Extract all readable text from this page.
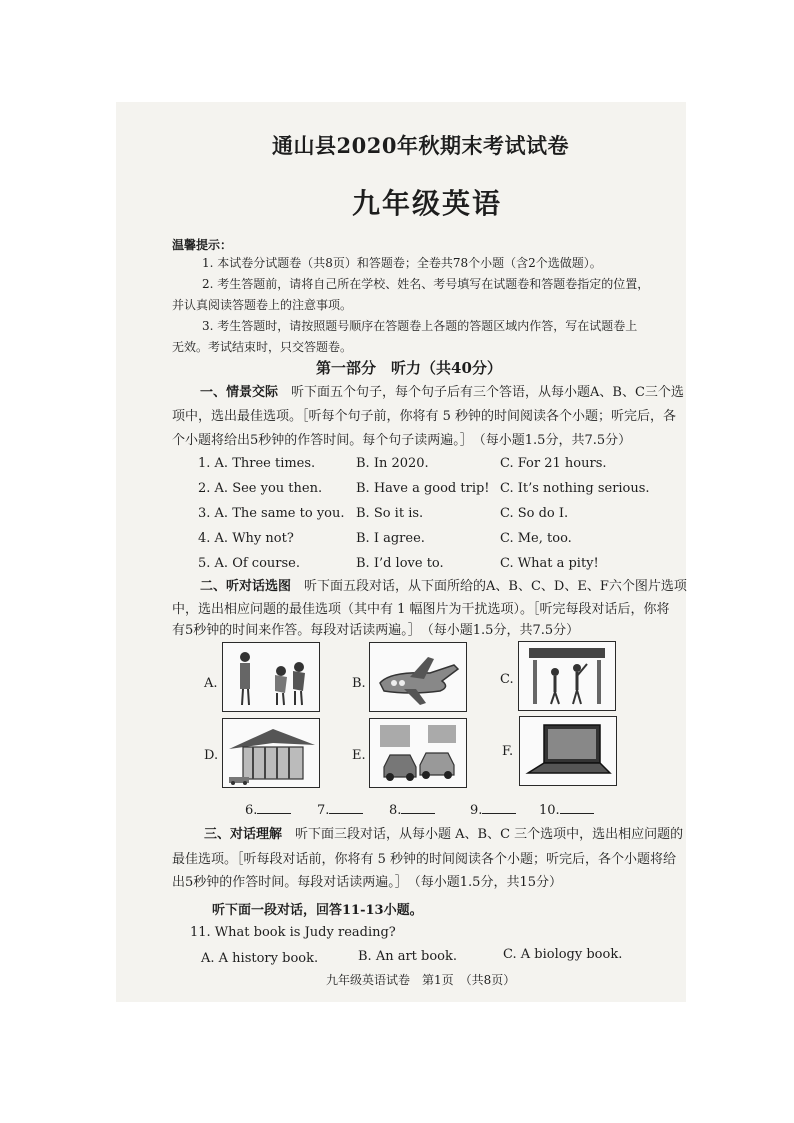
通山县2020年秋期末考试试卷
九年级英语
温馨提示：
1. 本试卷分试题卷（共8页）和答题卷；全卷共78个小题（含2个选做题）。
2. 考生答题前，请将自己所在学校、姓名、考号填写在试题卷和答题卷指定的位置，
并认真阅读答题卷上的注意事项。
3. 考生答题时，请按照题号顺序在答题卷上各题的答题区域内作答，写在试题卷上
无效。考试结束时，只交答题卷。
第一部分　听力（共40分）
一、情景交际　听下面五个句子，每个句子后有三个答语，从每小题A、B、C三个选
项中，选出最佳选项。［听每个句子前，你将有 5 秒钟的时间阅读各个小题；听完后，各
个小题将给出5秒钟的作答时间。每个句子读两遍。］　（每小题1.5分，共7.5分）
1. A. Three times.	B. In 2020.	C. For 21 hours.
2. A. See you then.	B. Have a good trip! C. It’s nothing serious.
3. A. The same to you. B. So it is.	C. So do I.
4. A. Why not?	B. I agree.	C. Me, too.
5. A. Of course.	B. I’d love to.	C. What a pity!
二、听对话选图　听下面五段对话，从下面所给的A、B、C、D、E、F六个图片选项
中，选出相应问题的最佳选项（其中有 1 幅图片为干扰选项）。［听完每段对话后，你将
有5秒钟的时间来作答。每段对话读两遍。］　（每小题1.5分，共7.5分）
A.	B.	C.
D.	E.	F.
6.	7.	8.	9.	10.
三、对话理解　听下面三段对话，从每小题 A、B、C 三个选项中，选出相应问题的
最佳选项。［听每段对话前，你将有 5 秒钟的时间阅读各个小题；听完后，各个小题将给
出5秒钟的作答时间。每段对话读两遍。］　（每小题1.5分，共15分）
听下面一段对话，回答11-13小题。
11. What book is Judy reading?
A. A history book.	B. An art book.	C. A biology book.
九年级英语试卷　第1页　（共8页）
